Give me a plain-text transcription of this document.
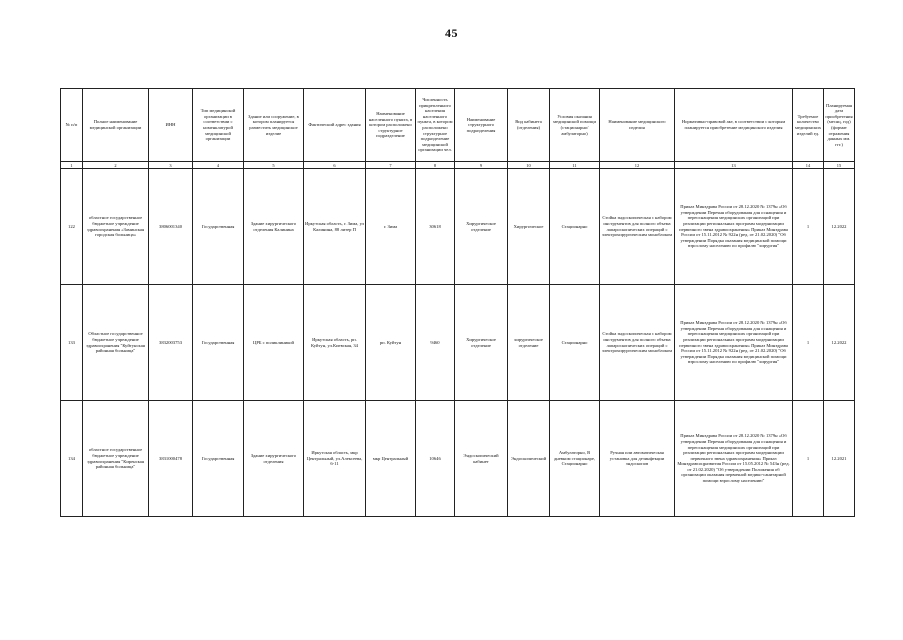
45
№ п/п	Полное наименование медицинской организации	ИНН	Тип медицинской организации в соответствии с номенклатурой медицинской организации	Здание или сооружение, в котором планируется разместить медицинское изделие	Фактический адрес здания	Наименование населенного пункта, в котором расположено структурное подразделение	Численность прикрепленного населения населенного пункта, в котором расположено структурное подразделение медицинской организации чел.	Наименование структурного подразделения	Вид кабинета (отделения)	Условия оказания медицинской помощи (стационарно/амбулаторно)	Наименование медицинского изделия	Нормативно-правовой акт, в соответствии с которым планируется приобретение медицинского изделия	Требуемое количество медицинских изделий ед.	Планируемая дата приобретения (месяц, год) (формат отражения данных мм. ггг.)
1	2	3	4	5	6	7	8	9	10	11	12	13	14	15
122	областное государственное бюджетное учреждение здравоохранения «Заминская городская больница»	3806001340	Государственная	Здание хирургического отделения Калинина	Иркутская область, г. Зима, ул Калинина, 88 литер П	г. Зима	30618	Хирургическое отделение	Хирургическое	Стационарно	Стойка эндоскопическая с набором инструментов для полного объема лапароскопических операций с электрохирургическим моноблоком	Приказ Минздрава России от 28.12.2020 № 1379н «Об утверждении Перечня оборудования для оснащения и переоснащения медицинских организаций при реализации региональных программ модернизации первичного звена здравоохранения» Приказ Минздрава России от 15.11.2012 № 922н (ред. от 21.02.2020) "Об утверждении Порядка оказания медицинской помощи взрослому населению по профилю "хирургия"	1	12.2022
133	Областное государственное бюджетное учреждение здравоохранения "Куйтунская районная больница"	3832003753	Государственная	ЦРБ с поликлиникой	Иркутская область, рп. Куйтун, ул.Киевская, 34	рп. Куйтун	9460	Хирургическое отделение	хирургическое отделение	Стационарно	Стойка эндоскопическая с набором инструментов для полного объема лапароскопических операций с электрохирургическим моноблоком	Приказ Минздрава России от 28.12.2020 № 1379н «Об утверждении Перечня оборудования для оснащения и переоснащения медицинских организаций при реализации региональных программ модернизации первичного звена здравоохранения» Приказ Минздрава России от 15.11.2012 № 922н (ред. от 21.02.2020) "Об утверждении Порядка оказания медицинской помощи взрослому населению по профилю "хирургия"	1	12.2022
134	областное государственное бюджетное учреждение здравоохранения "Киренская районная больница"	3831000478	Государственная	Здание хирургического отделения	Иркутская область, мкр Центральный, ул.Алексеева, 6-11	мкр Центральный	10646	Эндоскопический кабинет	Эндоскопический	Амбулаторно, В дневном стационаре, Стационарно	Ручная или автоматическая установка для дезинфекции эндоскопов	Приказ Минздрава России от 28.12.2020 № 1379н «Об утверждении Перечня оборудования для оснащения и переоснащения медицинских организаций при реализации региональных программ модернизации первичного звена здравоохранения» Приказ Минздравсоцразвития России от 15.05.2012 № 543н (ред. от 21.02.2020) "Об утверждении Положения об организации оказания первичной медико-санитарной помощи взрослому населению"	1	12.2021
